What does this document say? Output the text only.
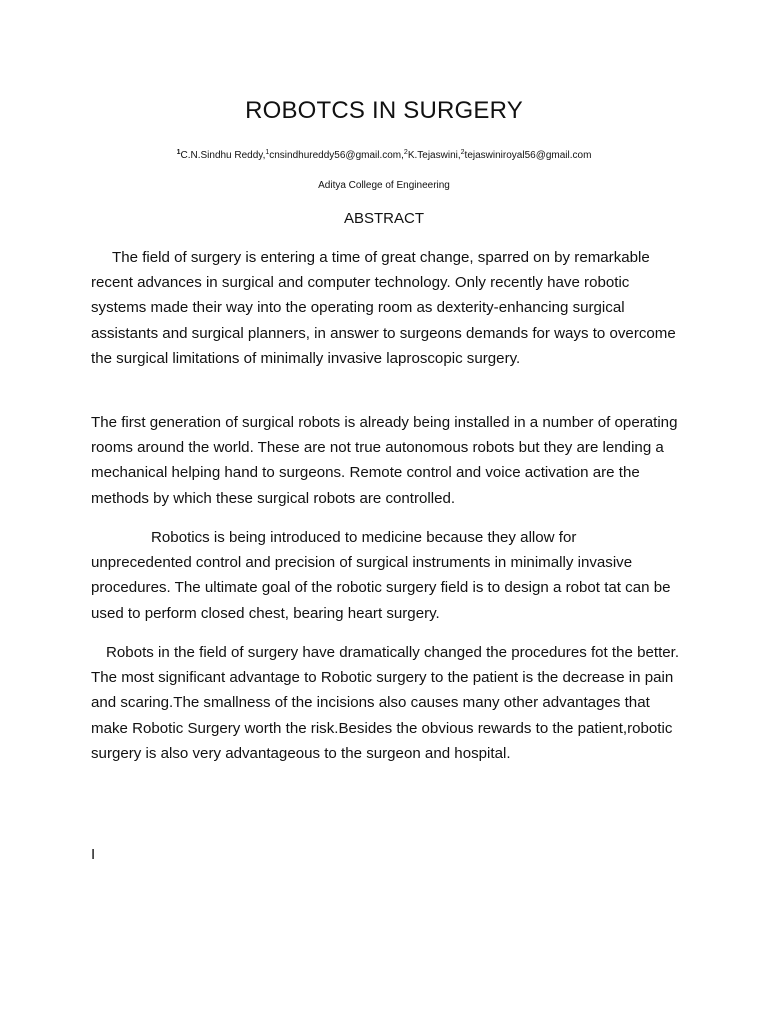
ROBOTCS IN SURGERY
$^1$C.N.Sindhu Reddy,$^1$cnsindhureddy56@gmail.com,$^2$K.Tejaswini,$^2$tejaswiniroyal56@gmail.com
Aditya College of Engineering
ABSTRACT

The field of surgery is entering a time of great change, sparred on by remarkable recent advances in surgical and computer technology. Only recently have robotic systems made their way into the operating room as dexterity-enhancing surgical assistants and surgical planners, in answer to surgeons demands for ways to overcome the surgical limitations of minimally invasive laproscopic surgery.

The first generation of surgical robots is already being installed in a number of operating rooms around the world. These are not true autonomous robots but they are lending a mechanical helping hand to surgeons. Remote control and voice activation are the methods by which these surgical robots are controlled.

Robotics is being introduced to medicine because they allow for unprecedented control and precision of surgical instruments in minimally invasive procedures. The ultimate goal of the robotic surgery field is to design a robot tat can be used to perform closed chest, bearing heart surgery.

Robots in the field of surgery have dramatically changed the procedures fot the better. The most significant advantage to Robotic surgery to the patient is the decrease in pain and scaring.The smallness of the incisions also causes many other advantages that make Robotic Surgery worth the risk.Besides the obvious rewards to the patient,robotic surgery is also very advantageous to the surgeon and hospital.

I
